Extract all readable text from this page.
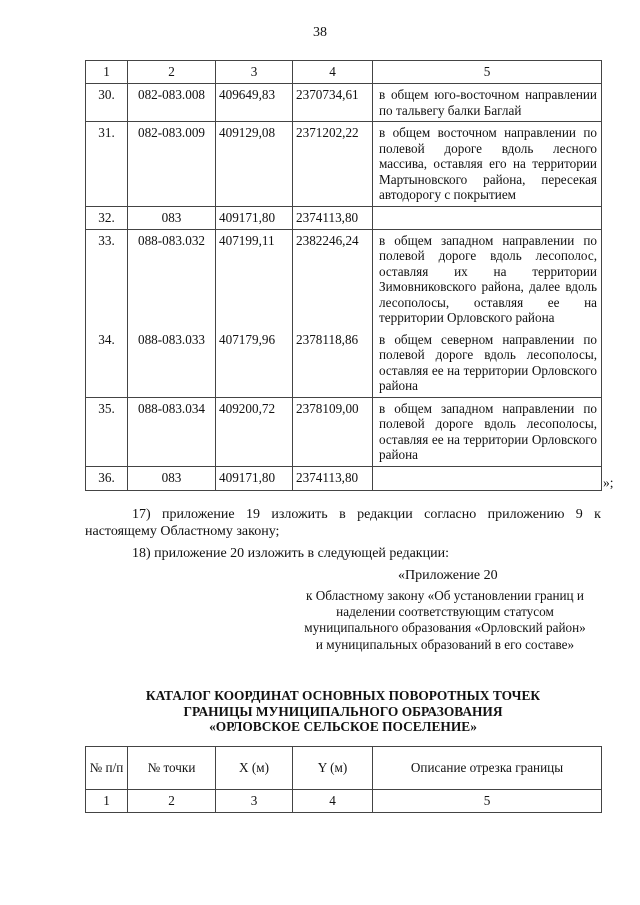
38
1	2	3	4	5
30.	082-083.008	409649,83	2370734,61	в общем юго-восточном направлении по тальвегу балки Баглай
31.	082-083.009	409129,08	2371202,22	в общем восточном направлении по полевой дороге вдоль лесного массива, оставляя его на территории Мартыновского района, пересекая автодорогу с покрытием
32.	083	409171,80	2374113,80	
33.	088-083.032	407199,11	2382246,24	в общем западном направлении по полевой дороге вдоль лесополос, оставляя их на территории Зимовниковского района, далее вдоль лесополосы, оставляя ее на территории Орловского района
34.	088-083.033	407179,96	2378118,86	в общем северном направлении по полевой дороге вдоль лесополосы, оставляя ее на территории Орловского района
35.	088-083.034	409200,72	2378109,00	в общем западном направлении по полевой дороге вдоль лесополосы, оставляя ее на территории Орловского района
36.	083	409171,80	2374113,80		»;
17) приложение 19 изложить в редакции согласно приложению 9 к настоящему Областному закону;
18) приложение 20 изложить в следующей редакции:
«Приложение 20
к Областному закону «Об установлении границ и наделении соответствующим статусом муниципального образования «Орловский район» и муниципальных образований в его составе»
КАТАЛОГ КООРДИНАТ ОСНОВНЫХ ПОВОРОТНЫХ ТОЧЕК
ГРАНИЦЫ МУНИЦИПАЛЬНОГО ОБРАЗОВАНИЯ
«ОРЛОВСКОЕ СЕЛЬСКОЕ ПОСЕЛЕНИЕ»
№ п/п	№ точки	X (м)	Y (м)	Описание отрезка границы
1	2	3	4	5
